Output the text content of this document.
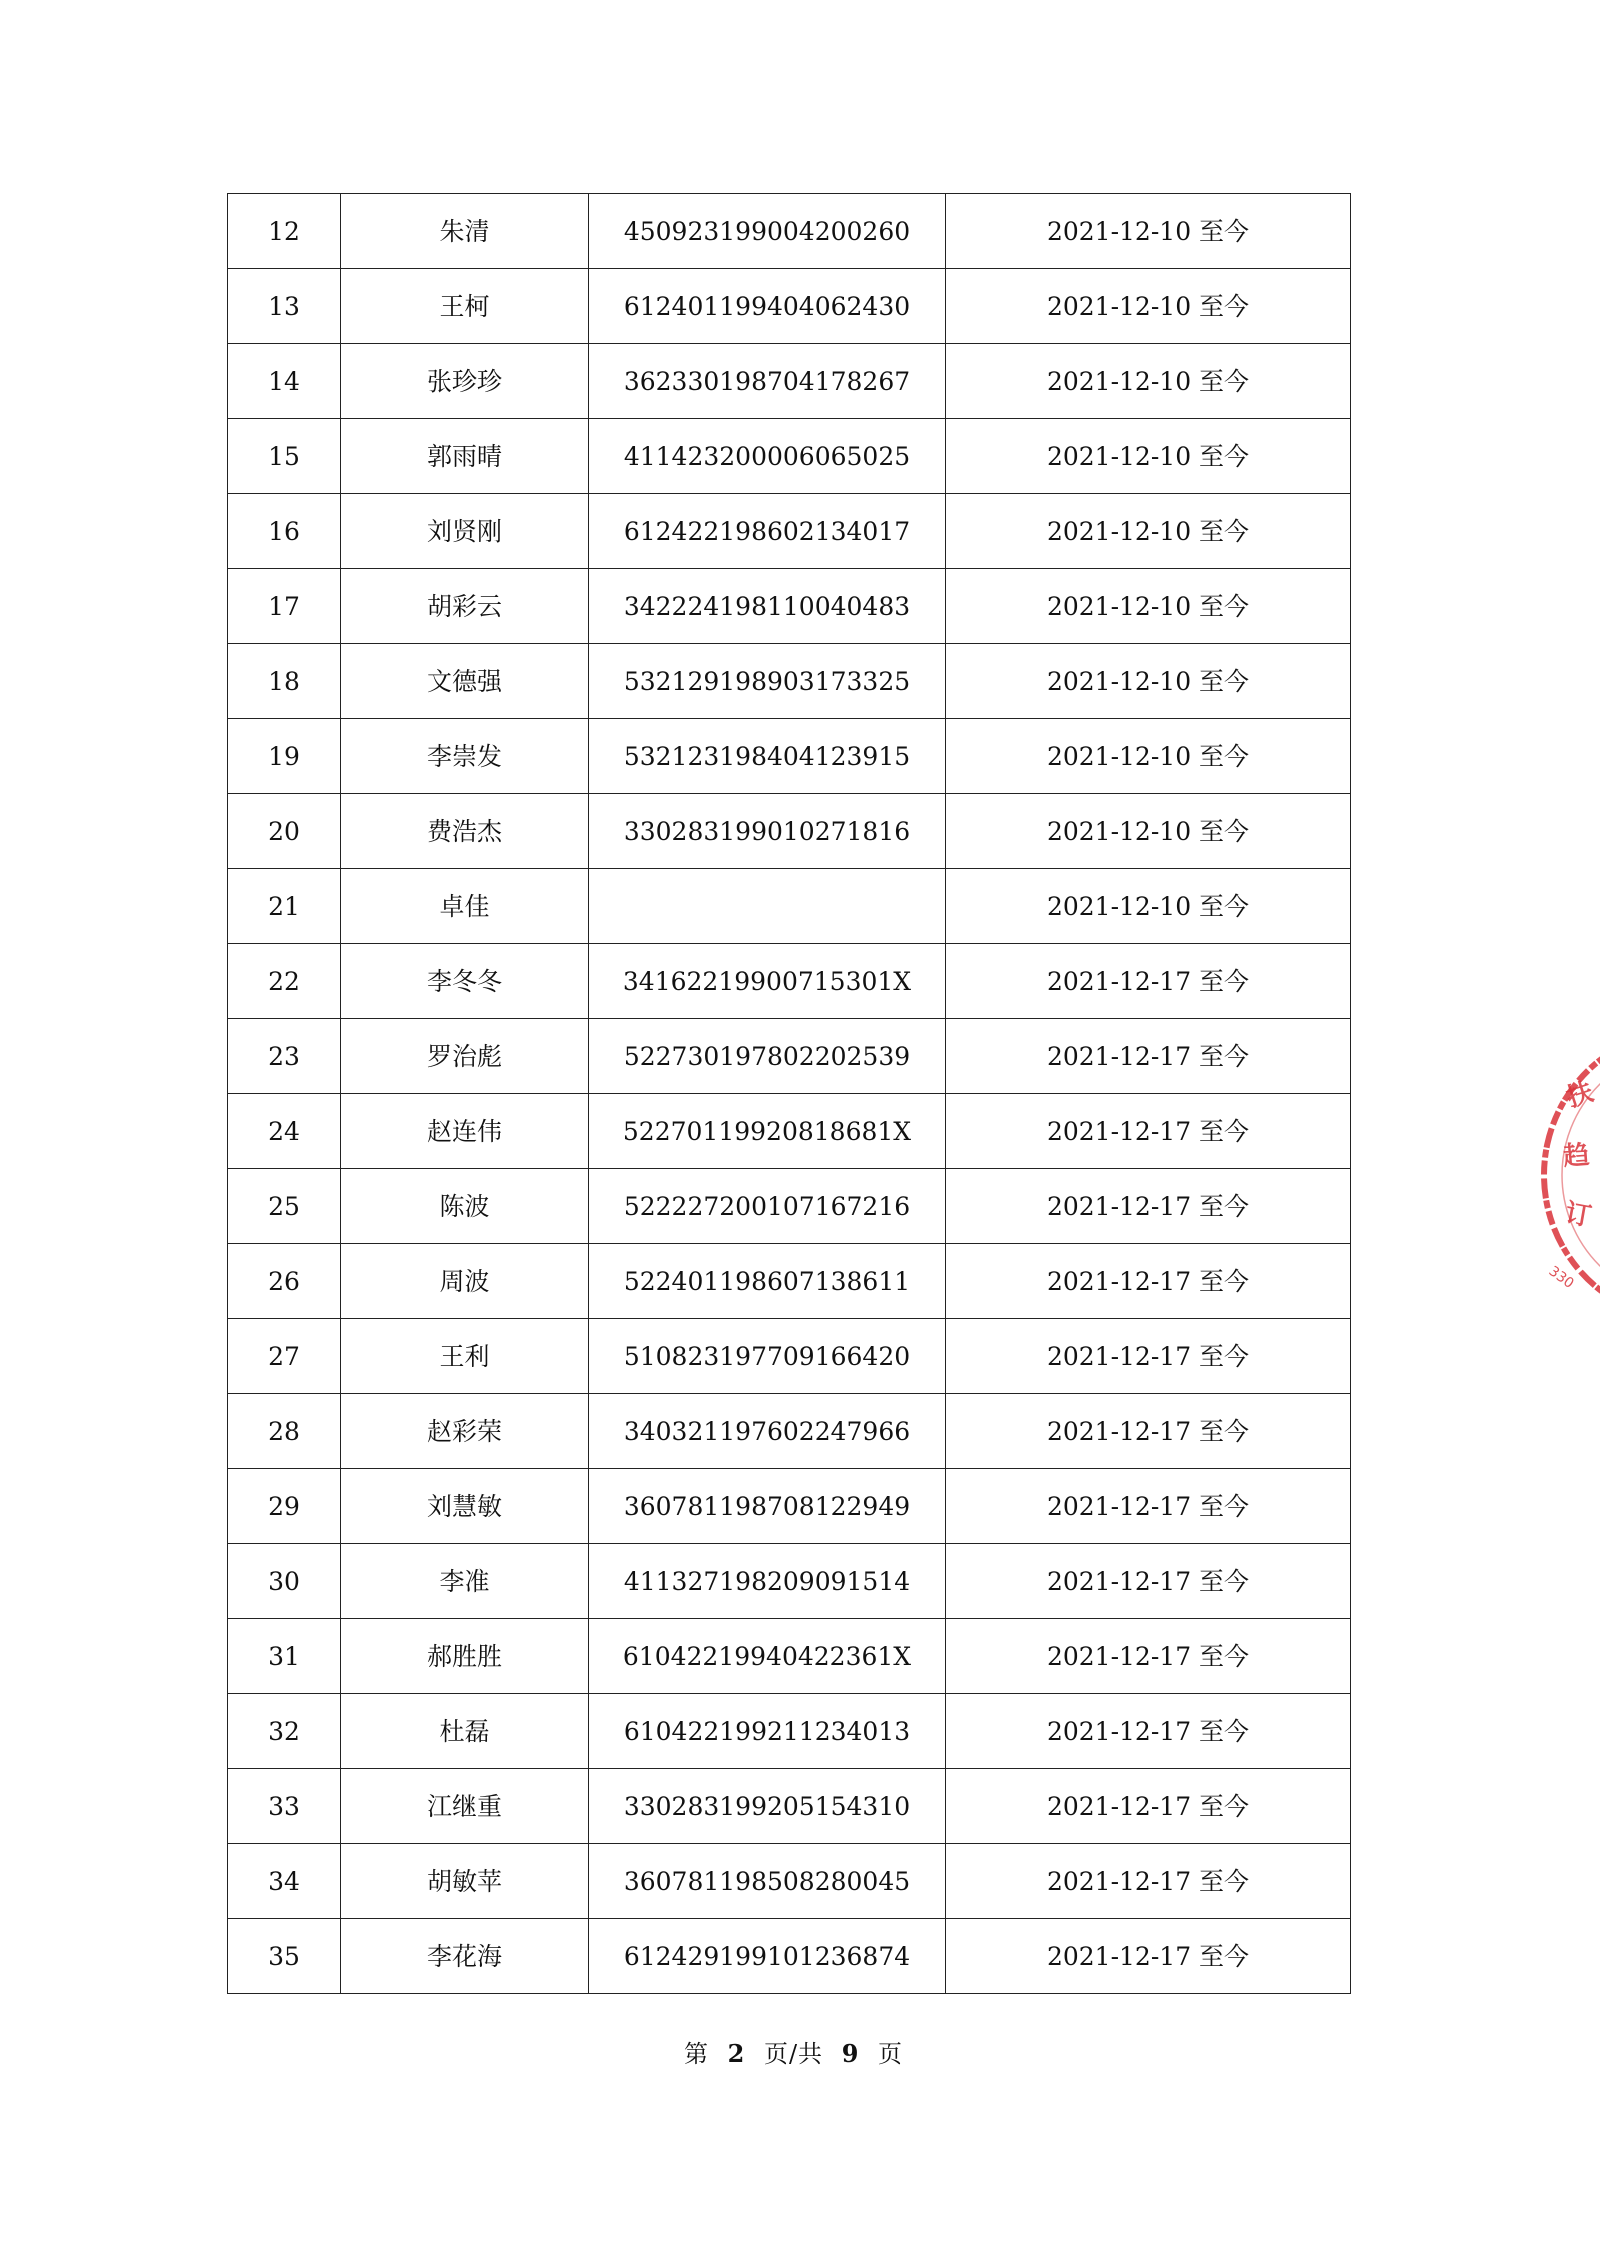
12	朱清	450923199004200260	2021-12-10 至今
13	王柯	612401199404062430	2021-12-10 至今
14	张珍珍	362330198704178267	2021-12-10 至今
15	郭雨晴	411423200006065025	2021-12-10 至今
16	刘贤刚	612422198602134017	2021-12-10 至今
17	胡彩云	342224198110040483	2021-12-10 至今
18	文德强	532129198903173325	2021-12-10 至今
19	李崇发	532123198404123915	2021-12-10 至今
20	费浩杰	330283199010271816	2021-12-10 至今
21	卓佳		2021-12-10 至今
22	李冬冬	34162219900715301X	2021-12-17 至今
23	罗治彪	522730197802202539	2021-12-17 至今
24	赵连伟	52270119920818681X	2021-12-17 至今
25	陈波	522227200107167216	2021-12-17 至今
26	周波	522401198607138611	2021-12-17 至今
27	王利	510823197709166420	2021-12-17 至今
28	赵彩荣	340321197602247966	2021-12-17 至今
29	刘慧敏	360781198708122949	2021-12-17 至今
30	李准	411327198209091514	2021-12-17 至今
31	郝胜胜	61042219940422361X	2021-12-17 至今
32	杜磊	610422199211234013	2021-12-17 至今
33	江继重	330283199205154310	2021-12-17 至今
34	胡敏苹	360781198508280045	2021-12-17 至今
35	李花海	612429199101236874	2021-12-17 至今
第 2 页/共 9 页
扶
趋
订
330
